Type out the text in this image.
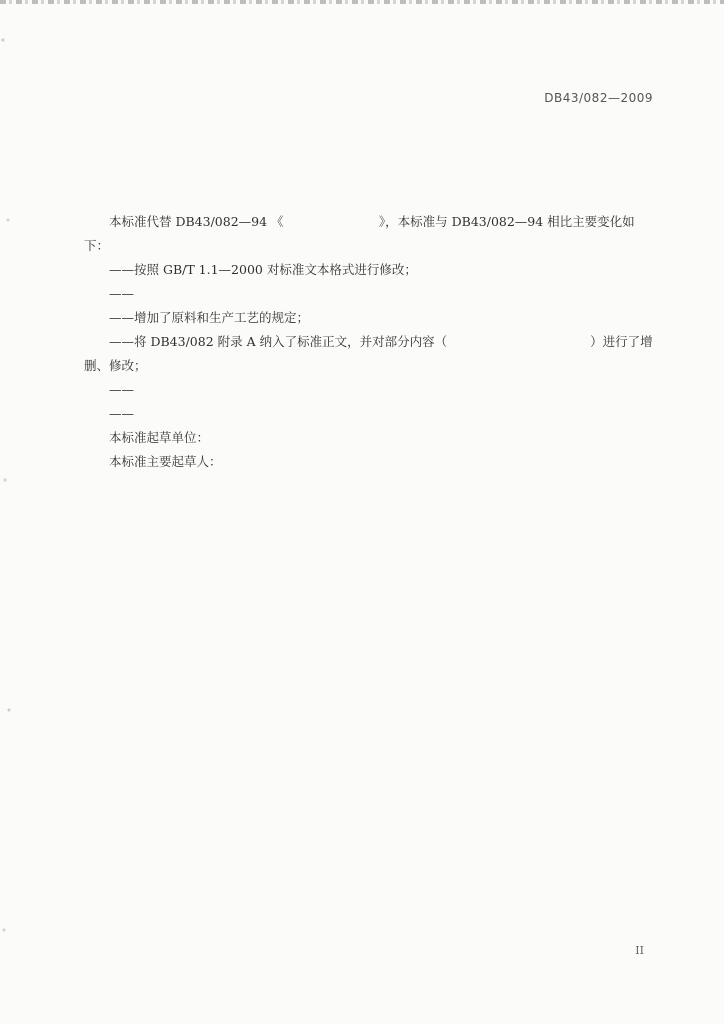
DB43/082—2009

本标准代替 DB43/082—94 《                        》，本标准与 DB43/082—94 相比主要变化如下：

——按照 GB/T 1.1—2000 对标准文本格式进行修改；

——

——增加了原料和生产工艺的规定；

——将 DB43/082 附录 A 纳入了标准正文，并对部分内容（                                    ）进行了增删、修改；

——

——

本标准起草单位：

本标准主要起草人：

II
